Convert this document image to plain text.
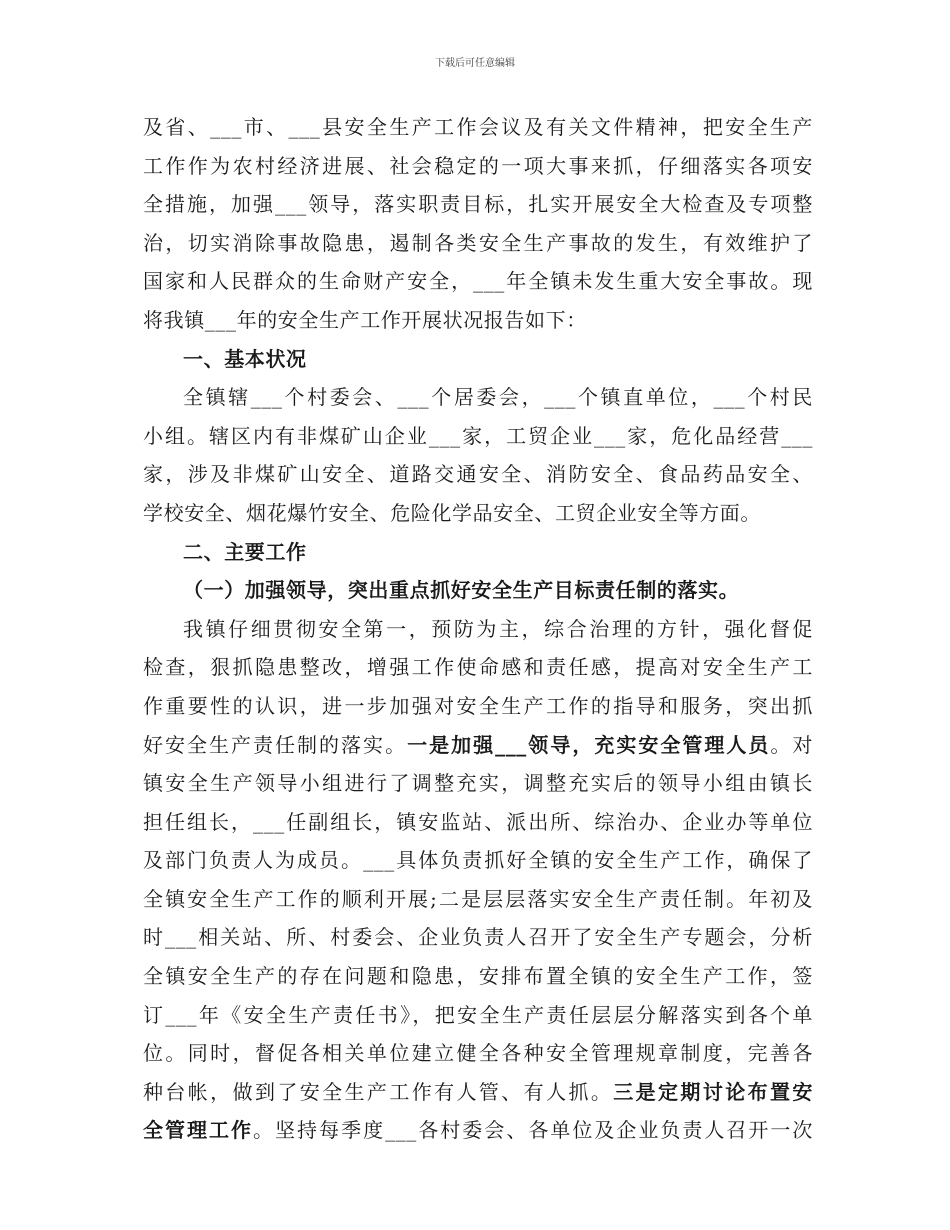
下载后可任意编辑
及省、___市、___县安全生产工作会议及有关文件精神，把安全生产
工作作为农村经济进展、社会稳定的一项大事来抓，仔细落实各项安
全措施，加强___领导，落实职责目标，扎实开展安全大检查及专项整
治，切实消除事故隐患，遏制各类安全生产事故的发生，有效维护了
国家和人民群众的生命财产安全，___年全镇未发生重大安全事故。现
将我镇___年的安全生产工作开展状况报告如下：
一、基本状况
全镇辖___个村委会、___个居委会，___个镇直单位，___个村民
小组。辖区内有非煤矿山企业___家，工贸企业___家，危化品经营___
家，涉及非煤矿山安全、道路交通安全、消防安全、食品药品安全、
学校安全、烟花爆竹安全、危险化学品安全、工贸企业安全等方面。
二、主要工作
（一）加强领导，突出重点抓好安全生产目标责任制的落实。
我镇仔细贯彻安全第一，预防为主，综合治理的方针，强化督促
检查，狠抓隐患整改，增强工作使命感和责任感，提高对安全生产工
作重要性的认识，进一步加强对安全生产工作的指导和服务，突出抓
好安全生产责任制的落实。一是加强___领导，充实安全管理人员。对
镇安全生产领导小组进行了调整充实，调整充实后的领导小组由镇长
担任组长，___任副组长，镇安监站、派出所、综治办、企业办等单位
及部门负责人为成员。___具体负责抓好全镇的安全生产工作，确保了
全镇安全生产工作的顺利开展;二是层层落实安全生产责任制。年初及
时___相关站、所、村委会、企业负责人召开了安全生产专题会，分析
全镇安全生产的存在问题和隐患，安排布置全镇的安全生产工作，签
订___年《安全生产责任书》，把安全生产责任层层分解落实到各个单
位。同时，督促各相关单位建立健全各种安全管理规章制度，完善各
种台帐，做到了安全生产工作有人管、有人抓。三是定期讨论布置安
全管理工作。坚持每季度___各村委会、各单位及企业负责人召开一次
